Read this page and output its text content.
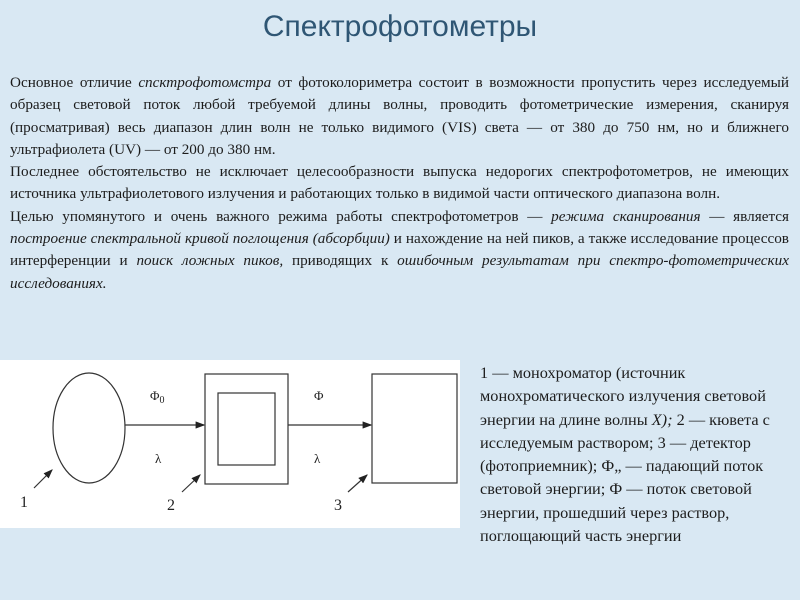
Спектрофотометры

Основное отличие спсктрофотомстра от фотоколориметра состоит в возможности пропустить через исследуемый образец световой поток любой требуемой длины волны, проводить фотометрические измерения, сканируя (просматривая) весь диапазон длин волн не только видимого (VIS) света — от 380 до 750 нм, но и ближнего ультрафиолета (UV) — от 200 до 380 нм.

Последнее обстоятельство не исключает целесообразности выпуска недорогих спектрофотометров, не имеющих источника ультрафиолетового излучения и работающих только в видимой части оптического диапазона волн.

Целью упомянутого и очень важного режима работы спектрофотометров — режима сканирования — является построение спектральной кривой поглощения (абсорбции) и нахождение на ней пиков, а также исследование процессов интерференции и поиск ложных пиков, приводящих к ошибочным результатам при спектро-фотометрических исследованиях.

$\Phi_0$	Φ
λ	λ
1	2	3
1 — монохроматор (источник монохроматического излучения световой энергии на длине волны Х); 2 — кювета с исследуемым раствором; 3 — детектор (фотоприемник); Ф„ — падающий поток световой энергии; Ф — поток световой энергии, прошедший через раствор, поглощающий часть энергии
